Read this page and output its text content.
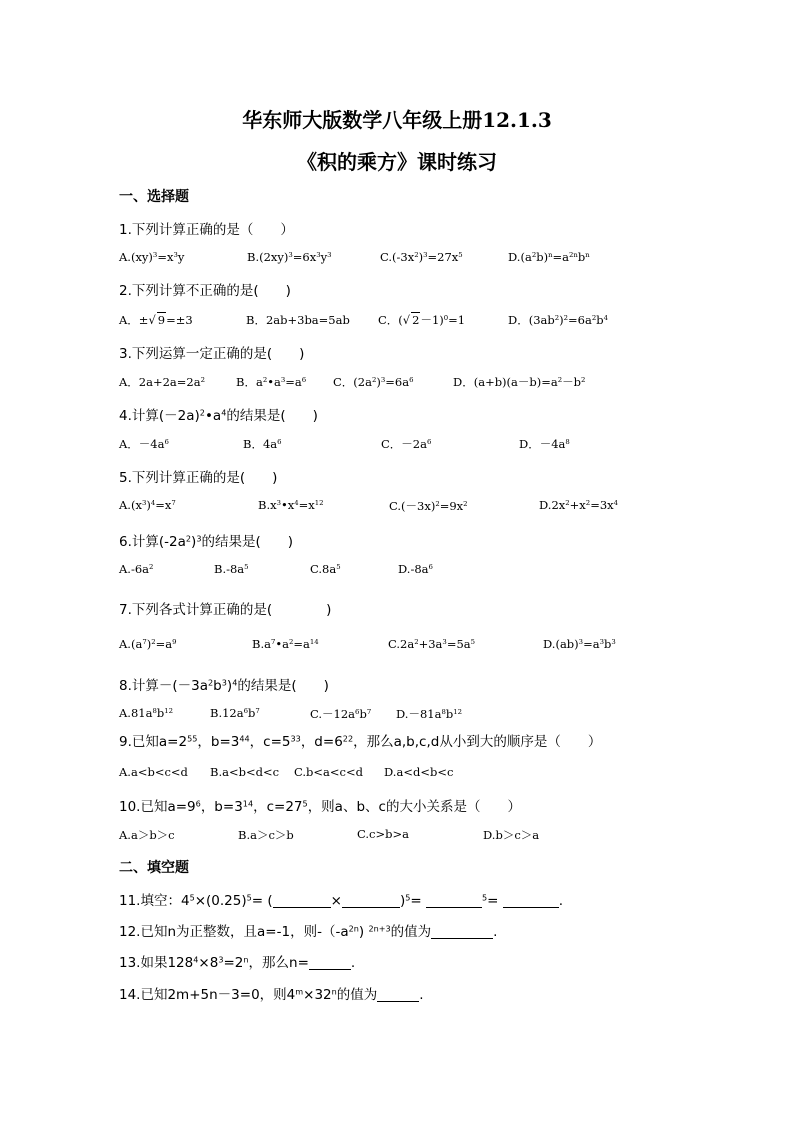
华东师大版数学八年级上册12.1.3
《积的乘方》课时练习
一、选择题
1.下列计算正确的是（　　）
$A.(xy)^3=x^3y$	$B.(2xy)^3=6x^3y^3$	$C.(-3x^2)^3=27x^5$	$D.(a^2b)^n=a^{2n}b^n$
2.下列计算不正确的是(　　)
A．±√ 9=±3	B．2ab+3ba=5ab C．(√ 2－1)$^0$=1	D．$(3ab^2)^2=6a^2b^4$
3.下列运算一定正确的是(　　)
A．$2a+2a=2a^2$	B．$a^2•a^3=a^6$ C．$(2a^2)^3=6a^6$	D．$(a+b)(a-b)=a^2-b^2$
4.计算$(-2a)^2•a^4$的结果是(　　)
A．$-4a^6$	B．$4a^6$	C．$-2a^6$	D．$-4a^8$
5.下列计算正确的是(　　)
$A.(x^3)^4=x^7$	$B.x^3•x^4=x^{12}$	$C.(-3x)^2=9x^2$	$D.2x^2+x^2=3x^4$
6.计算$(-2a^2)^3$的结果是(　　)
$A.-6a^2$	$B.-8a^5$	$C.8a^5$	$D.-8a^6$
7.下列各式计算正确的是(　　　　)
$A.(a^7)^2=a^9$	$B.a^7•a^2=a^{14}$	$C.2a^2+3a^3=5a^5$	$D.(ab)^3=a^3b^3$
8.计算$-(-3a^2b^3)^4$的结果是(　　)
$A.81a^8b^{12}$	$B.12a^6b^7$	$C.-12a^6b^7$ $D.-81a^8b^{12}$
9.已知$a=2^{55}$，$b=3^{44}$，$c=5^{33}$，$d=6^{22}$，那么a,b,c,d从小到大的顺序是（　　）
A.a<b<c<d B.a<b<d<c C.b<a<c<d D.a<d<b<c
10.已知$a=9^6$，$b=3^{14}$，$c=27^5$，则a、b、c的大小关系是（　　）
A.a＞b＞c	B.a＞c＞b	C.c>b>a	D.b＞c＞a
二、填空题
11.填空：$4^5\times(0.25)^5=$ (	×	)$^5$=	$^5$=	.
12.已知n为正整数，且a=-1，则$-(-a^{2n})$ $^{2n+3}$的值为	.
13.如果$128^4\times 8^3=2^n$，那么n=	.
14.已知2m+5n－3=0，则$4^m\times 32^n$的值为	.
